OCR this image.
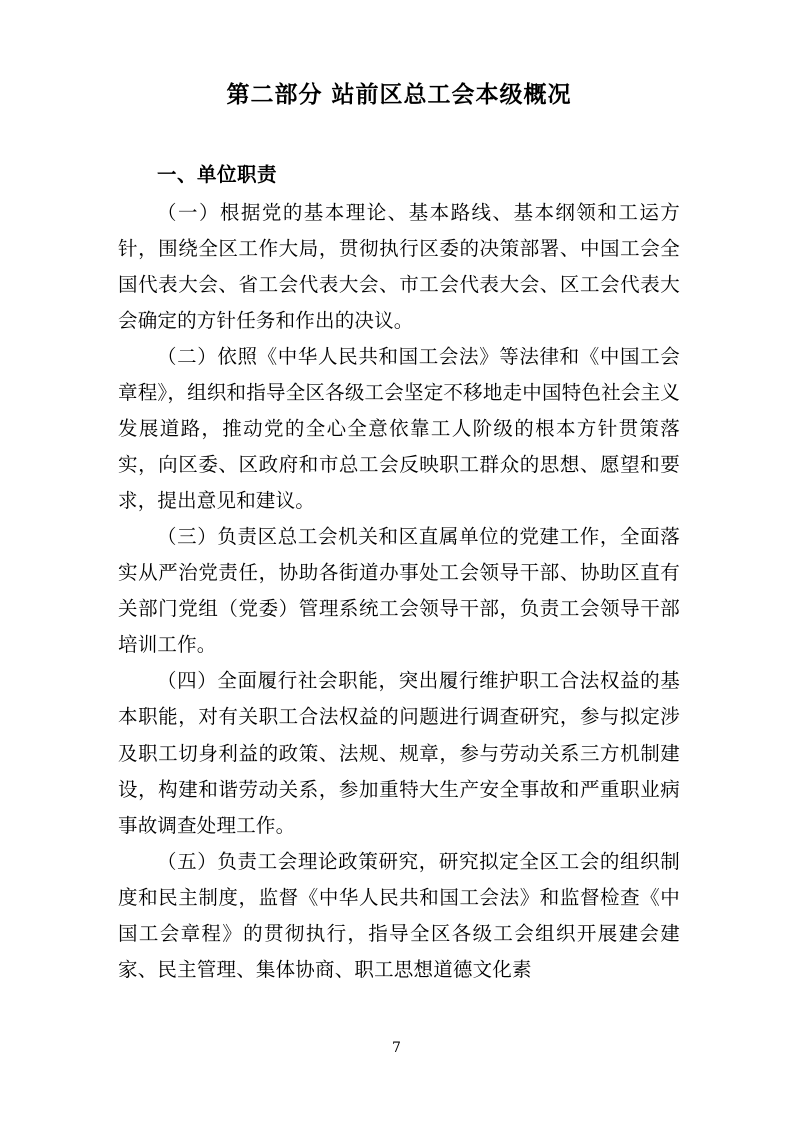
第二部分 站前区总工会本级概况
一、单位职责

（一）根据党的基本理论、基本路线、基本纲领和工运方针，围绕全区工作大局，贯彻执行区委的决策部署、中国工会全国代表大会、省工会代表大会、市工会代表大会、区工会代表大会确定的方针任务和作出的决议。

（二）依照《中华人民共和国工会法》等法律和《中国工会章程》，组织和指导全区各级工会坚定不移地走中国特色社会主义发展道路，推动党的全心全意依靠工人阶级的根本方针贯策落实，向区委、区政府和市总工会反映职工群众的思想、愿望和要求，提出意见和建议。

（三）负责区总工会机关和区直属单位的党建工作，全面落实从严治党责任，协助各街道办事处工会领导干部、协助区直有关部门党组（党委）管理系统工会领导干部，负责工会领导干部培训工作。

（四）全面履行社会职能，突出履行维护职工合法权益的基本职能，对有关职工合法权益的问题进行调查研究，参与拟定涉及职工切身利益的政策、法规、规章，参与劳动关系三方机制建设，构建和谐劳动关系，参加重特大生产安全事故和严重职业病事故调查处理工作。

（五）负责工会理论政策研究，研究拟定全区工会的组织制度和民主制度，监督《中华人民共和国工会法》和监督检查《中国工会章程》的贯彻执行，指导全区各级工会组织开展建会建家、民主管理、集体协商、职工思想道德文化素

7
